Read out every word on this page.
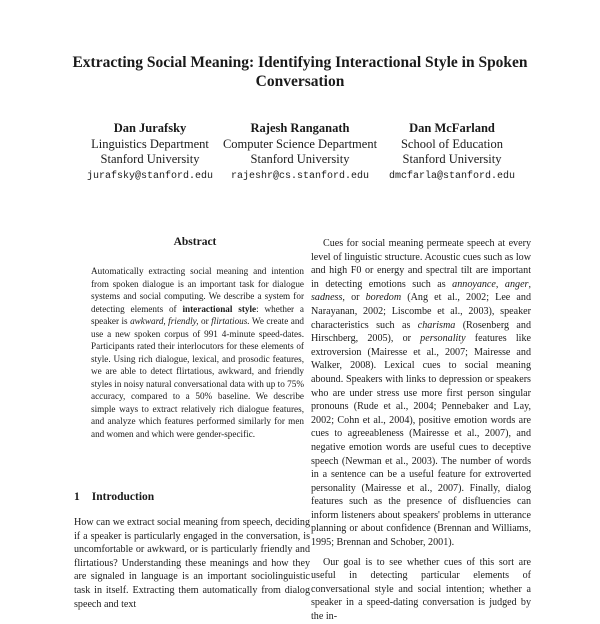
Extracting Social Meaning: Identifying Interactional Style in Spoken Conversation
Dan Jurafsky
Linguistics Department
Stanford University
jurafsky@stanford.edu
Rajesh Ranganath
Computer Science Department
Stanford University
rajeshr@cs.stanford.edu
Dan McFarland
School of Education
Stanford University
dmcfarla@stanford.edu
Abstract

Automatically extracting social meaning and intention from spoken dialogue is an important task for dialogue systems and social computing. We describe a system for detecting elements of interactional style: whether a speaker is awkward, friendly, or flirtatious. We create and use a new spoken corpus of 991 4-minute speed-dates. Participants rated their interlocutors for these elements of style. Using rich dialogue, lexical, and prosodic features, we are able to detect flirtatious, awkward, and friendly styles in noisy natural conversational data with up to 75% accuracy, compared to a 50% baseline. We describe simple ways to extract relatively rich dialogue features, and analyze which features performed similarly for men and women and which were gender-specific.

1 Introduction

How can we extract social meaning from speech, deciding if a speaker is particularly engaged in the conversation, is uncomfortable or awkward, or is particularly friendly and flirtatious? Understanding these meanings and how they are signaled in language is an important sociolinguistic task in itself. Extracting them automatically from dialog speech and text

Cues for social meaning permeate speech at every level of linguistic structure. Acoustic cues such as low and high F0 or energy and spectral tilt are important in detecting emotions such as annoyance, anger, sadness, or boredom (Ang et al., 2002; Lee and Narayanan, 2002; Liscombe et al., 2003), speaker characteristics such as charisma (Rosenberg and Hirschberg, 2005), or personality features like extroversion (Mairesse et al., 2007; Mairesse and Walker, 2008). Lexical cues to social meaning abound. Speakers with links to depression or speakers who are under stress use more first person singular pronouns (Rude et al., 2004; Pennebaker and Lay, 2002; Cohn et al., 2004), positive emotion words are cues to agreeableness (Mairesse et al., 2007), and negative emotion words are useful cues to deceptive speech (Newman et al., 2003). The number of words in a sentence can be a useful feature for extroverted personality (Mairesse et al., 2007). Finally, dialog features such as the presence of disfluencies can inform listeners about speakers' problems in utterance planning or about confidence (Brennan and Williams, 1995; Brennan and Schober, 2001).

Our goal is to see whether cues of this sort are useful in detecting particular elements of conversational style and social intention; whether a speaker in a speed-dating conversation is judged by the in-
